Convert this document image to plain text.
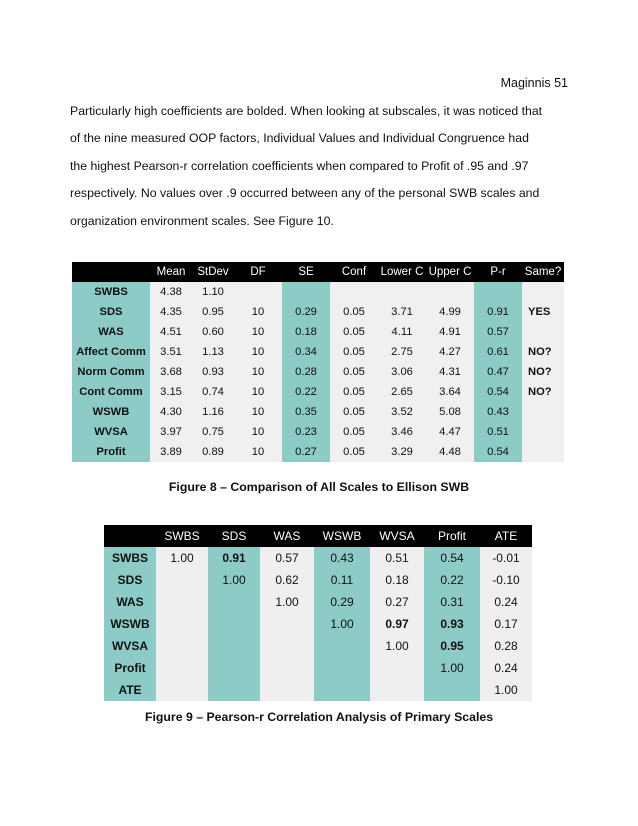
Maginnis 51

Particularly high coefficients are bolded. When looking at subscales, it was noticed that

of the nine measured OOP factors, Individual Values and Individual Congruence had

the highest Pearson-r correlation coefficients when compared to Profit of .95 and .97

respectively. No values over .9 occurred between any of the personal SWB scales and

organization environment scales. See Figure 10.

	Mean	StDev	DF	SE	Conf	Lower C	Upper C	P-r	Same?
SWBS	4.38	1.10							
SDS	4.35	0.95	10	0.29	0.05	3.71	4.99	0.91	YES
WAS	4.51	0.60	10	0.18	0.05	4.11	4.91	0.57	
Affect Comm	3.51	1.13	10	0.34	0.05	2.75	4.27	0.61	NO?
Norm Comm	3.68	0.93	10	0.28	0.05	3.06	4.31	0.47	NO?
Cont Comm	3.15	0.74	10	0.22	0.05	2.65	3.64	0.54	NO?
WSWB	4.30	1.16	10	0.35	0.05	3.52	5.08	0.43	
WVSA	3.97	0.75	10	0.23	0.05	3.46	4.47	0.51	
Profit	3.89	0.89	10	0.27	0.05	3.29	4.48	0.54	
Figure 8 – Comparison of All Scales to Ellison SWB
	SWBS	SDS	WAS	WSWB	WVSA	Profit	ATE
SWBS	1.00	0.91	0.57	0.43	0.51	0.54	-0.01
SDS		1.00	0.62	0.11	0.18	0.22	-0.10
WAS			1.00	0.29	0.27	0.31	0.24
WSWB				1.00	0.97	0.93	0.17
WVSA					1.00	0.95	0.28
Profit						1.00	0.24
ATE							1.00
Figure 9 – Pearson-r Correlation Analysis of Primary Scales
